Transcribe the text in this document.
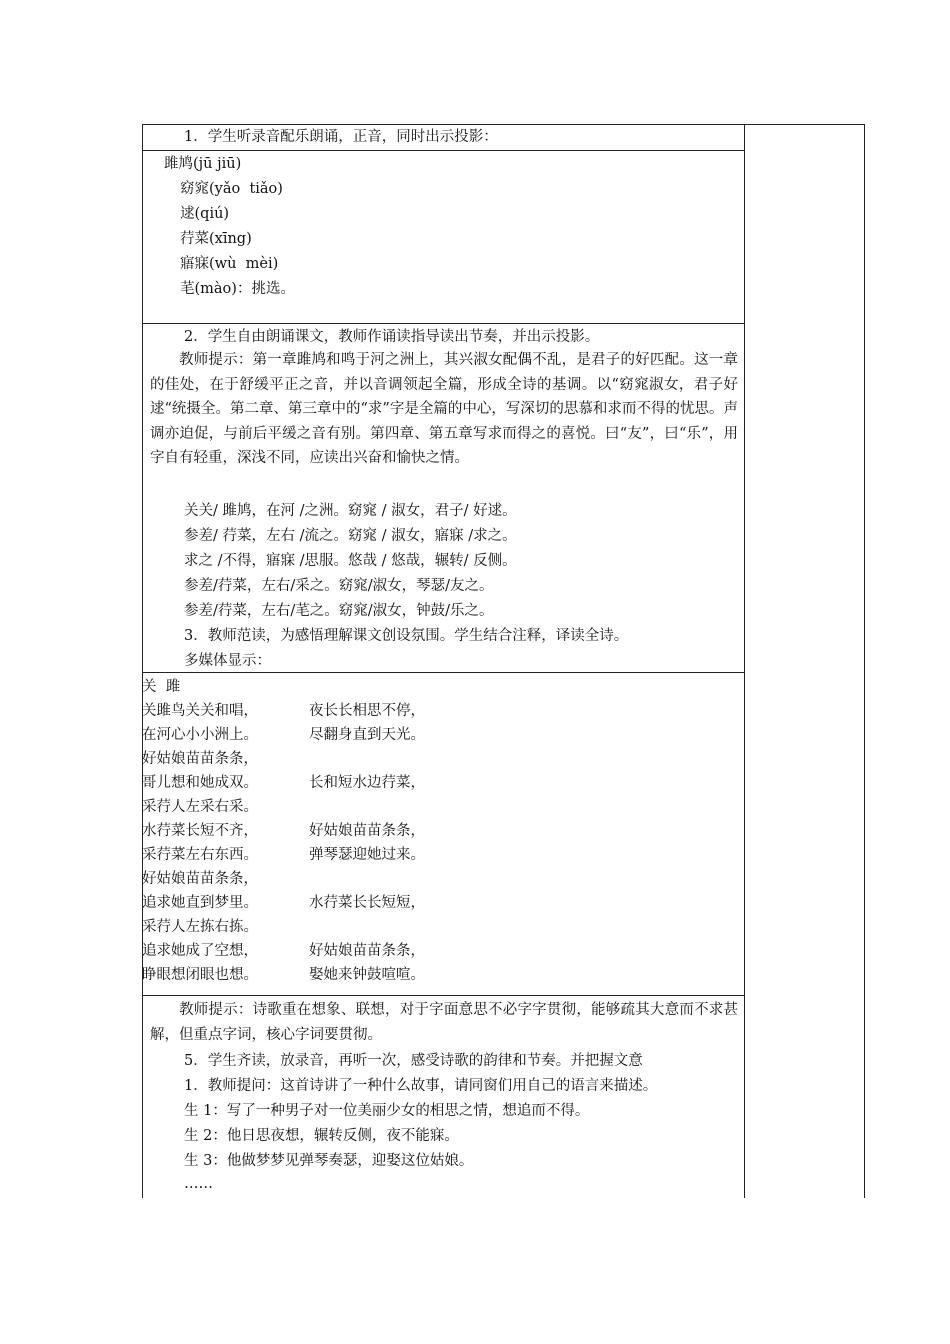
1．学生听录音配乐朗诵，正音，同时出示投影：
雎鸠(jū jiū)
窈窕(yǎo  tiǎo)
逑(qiú)
荇菜(xīng)
寤寐(wù  mèi)
芼(mào)：挑选。
2．学生自由朗诵课文，教师作诵读指导读出节奏，并出示投影。
教师提示：第一章雎鸠和鸣于河之洲上，其兴淑女配偶不乱，是君子的好匹配。这一章的佳处，在于舒缓平正之音，并以音调领起全篇，形成全诗的基调。以“窈窕淑女，君子好逑“统摄全。第二章、第三章中的“求”字是全篇的中心，写深切的思慕和求而不得的忧思。声调亦迫促，与前后平缓之音有别。第四章、第五章写求而得之的喜悦。曰“友”，曰“乐”，用字自有轻重，深浅不同，应读出兴奋和愉快之情。
关关/ 雎鸠，在河 /之洲。窈窕 / 淑女，君子/ 好逑。
参差/ 荇菜，左右 /流之。窈窕 / 淑女，寤寐 /求之。
求之 /不得，寤寐 /思服。悠哉 / 悠哉，辗转/ 反侧。
参差/荇菜，左右/采之。窈窕/淑女，琴瑟/友之。
参差/荇菜，左右/芼之。窈窕/淑女，钟鼓/乐之。
3．教师范读，为感悟理解课文创设氛围。学生结合注释，译读全诗。
多媒体显示：
关  雎
关雎鸟关关和唱，
在河心小小洲上。
好姑娘苗苗条条，
哥儿想和她成双。
采荇人左采右采。
水荇菜长短不齐，
采荇菜左右东西。
好姑娘苗苗条条，
追求她直到梦里。
采荇人左拣右拣。
追求她成了空想，
睁眼想闭眼也想。
夜长长相思不停，
尽翻身直到天光。
长和短水边荇菜，
好姑娘苗苗条条，
弹琴瑟迎她过来。
水荇菜长长短短，
好姑娘苗苗条条，
娶她来钟鼓喧喧。
教师提示：诗歌重在想象、联想，对于字面意思不必字字贯彻，能够疏其大意而不求甚解，但重点字词，核心字词要贯彻。
5．学生齐读，放录音，再听一次，感受诗歌的韵律和节奏。并把握文意
1．教师提问：这首诗讲了一种什么故事，请同窗们用自己的语言来描述。
生 1：写了一种男子对一位美丽少女的相思之情，想追而不得。
生 2：他日思夜想，辗转反侧，夜不能寐。
生 3：他做梦梦见弹琴奏瑟，迎娶这位姑娘。
……
